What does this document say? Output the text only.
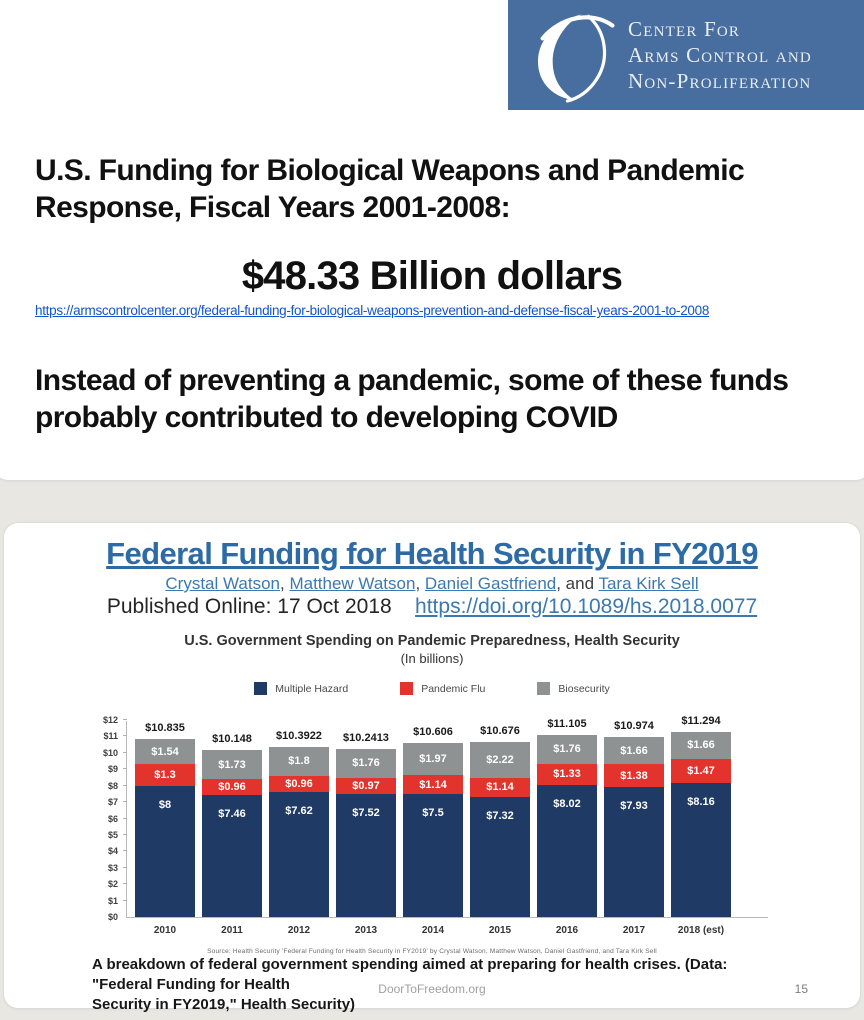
Center For
Arms Control and
Non-Proliferation
U.S. Funding for Biological Weapons and Pandemic
Response, Fiscal Years 2001-2008:
$48.33 Billion dollars
https://armscontrolcenter.org/federal-funding-for-biological-weapons-prevention-and-defense-fiscal-years-2001-to-2008
Instead of preventing a pandemic, some of these funds
probably contributed to developing COVID
Federal Funding for Health Security in FY2019
Crystal Watson, Matthew Watson, Daniel Gastfriend, and Tara Kirk Sell
Published Online: 17 Oct 2018 https://doi.org/10.1089/hs.2018.0077
U.S. Government Spending on Pandemic Preparedness, Health Security
(In billions)
Multiple Hazard	Pandemic Flu	Biosecurity
$0
$1
$2
$3
$4
$5
$6
$7
$8
$9
$10
$11
$12
$8
$1.3
$1.54
$10.835
2010
$7.46
$0.96
$1.73
$10.148
2011
$7.62
$0.96
$1.8
$10.3922
2012
$7.52
$0.97
$1.76
$10.2413
2013
$7.5
$1.14
$1.97
$10.606
2014
$7.32
$1.14
$2.22
$10.676
2015
$8.02
$1.33
$1.76
$11.105
2016
$7.93
$1.38
$1.66
$10.974
2017
$8.16
$1.47
$1.66
$11.294
2018 (est)
Source: Health Security 'Federal Funding for Health Security in FY2019' by Crystal Watson, Matthew Watson, Daniel Gastfriend, and Tara Kirk Sell
A breakdown of federal government spending aimed at preparing for health crises. (Data: "Federal Funding for Health
Security in FY2019," Health Security)
DoorToFreedom.org	15
